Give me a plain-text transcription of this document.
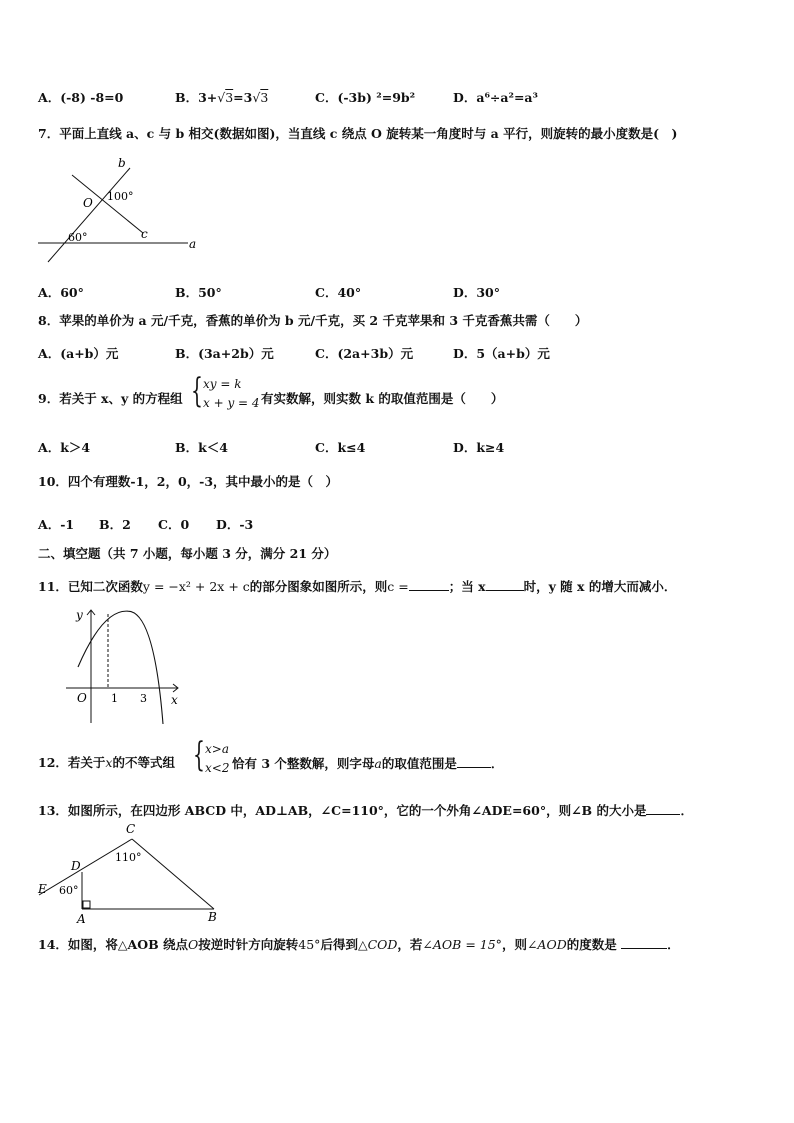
A．(-8) -8=0	B．3+√3=3√3	C．(-3b) ²=9b²	D．a⁶÷a²=a³
7．平面上直线 a、c 与 b 相交(数据如图)，当直线 c 绕点 O 旋转某一角度时与 a 平行，则旋转的最小度数是(　)
b
O 100°
c
60°	a
A．60°	B．50°	C．40°	D．30°
8．苹果的单价为 a 元/千克，香蕉的单价为 b 元/千克，买 2 千克苹果和 3 千克香蕉共需（　　）
A．(a+b）元	B．(3a+2b）元	C．(2a+3b）元	D．5（a+b）元
9．若关于 x、y 的方程组 { xy = k
x + y = 4 有实数解，则实数 k 的取值范围是（　　）
A．k＞4	B．k＜4	C．k≤4	D．k≥4
10．四个有理数-1，2，0，-3，其中最小的是（　）
A．-1 B．2 C．0 D．-3
二、填空题（共 7 小题，每小题 3 分，满分 21 分）
11．已知二次函数y = −x² + 2x + c的部分图象如图所示，则c =	；当 x	时，y 随 x 的增大而减小．
y
O 1 3 x
12．若关于x的不等式组 { x>a
x<2 恰有 3 个整数解，则字母a的取值范围是	．
13．如图所示，在四边形 ABCD 中，AD⊥AB，∠C=110°，它的一个外角∠ADE=60°，则∠B 的大小是	．
C
110°
D
E 60°
A	B
14．如图，将△AOB 绕点O按逆时针方向旋转45°后得到△COD，若∠AOB = 15°，则∠AOD的度数是	．
